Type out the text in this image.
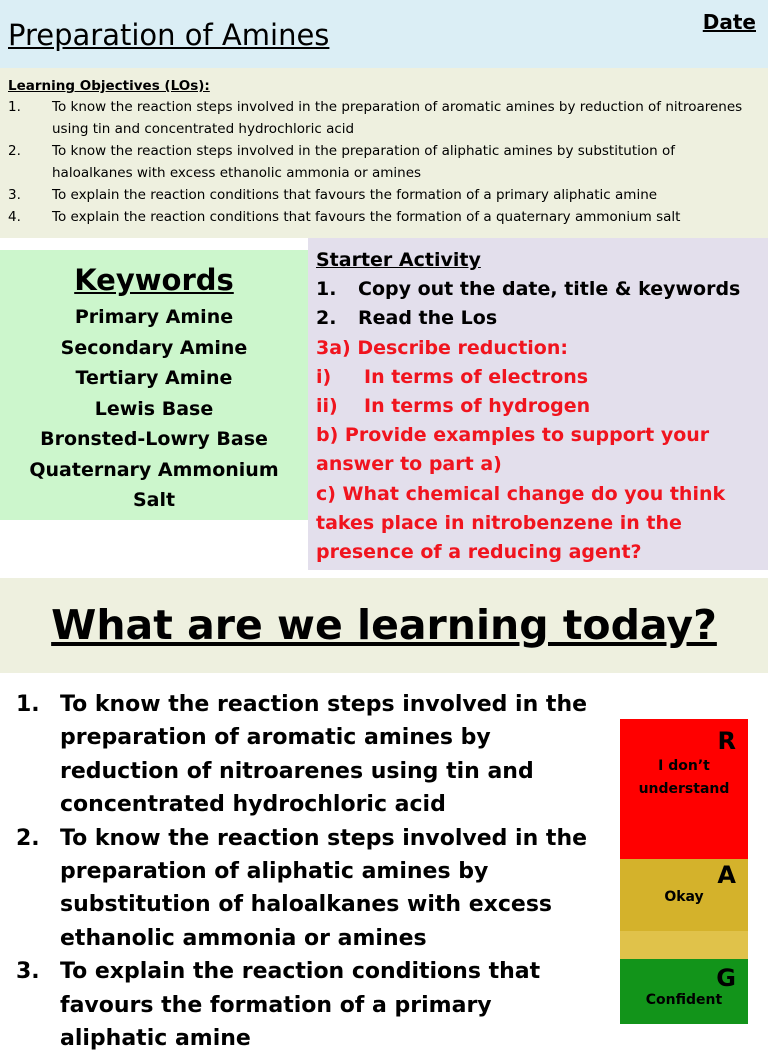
Preparation of Amines	Date
Learning Objectives (LOs):
1. To know the reaction steps involved in the preparation of aromatic amines by reduction of nitroarenes using tin and concentrated hydrochloric acid
2. To know the reaction steps involved in the preparation of aliphatic amines by substitution of haloalkanes with excess ethanolic ammonia or amines
3. To explain the reaction conditions that favours the formation of a primary aliphatic amine
4. To explain the reaction conditions that favours the formation of a quaternary ammonium salt
Keywords
Primary Amine
Secondary Amine
Tertiary Amine
Lewis Base
Bronsted-Lowry Base
Quaternary Ammonium
Salt
Starter Activity
1. Copy out the date, title & keywords
2. Read the Los
3a) Describe reduction:
i) In terms of electrons
ii) In terms of hydrogen
b) Provide examples to support your answer to part a)
c) What chemical change do you think takes place in nitrobenzene in the presence of a reducing agent?
What are we learning today?
1. To know the reaction steps involved in the preparation of aromatic amines by reduction of nitroarenes using tin and concentrated hydrochloric acid
2. To know the reaction steps involved in the preparation of aliphatic amines by substitution of haloalkanes with excess ethanolic ammonia or amines
3. To explain the reaction conditions that favours the formation of a primary aliphatic amine
R
I don’t understand
A
Okay
G
Confident
